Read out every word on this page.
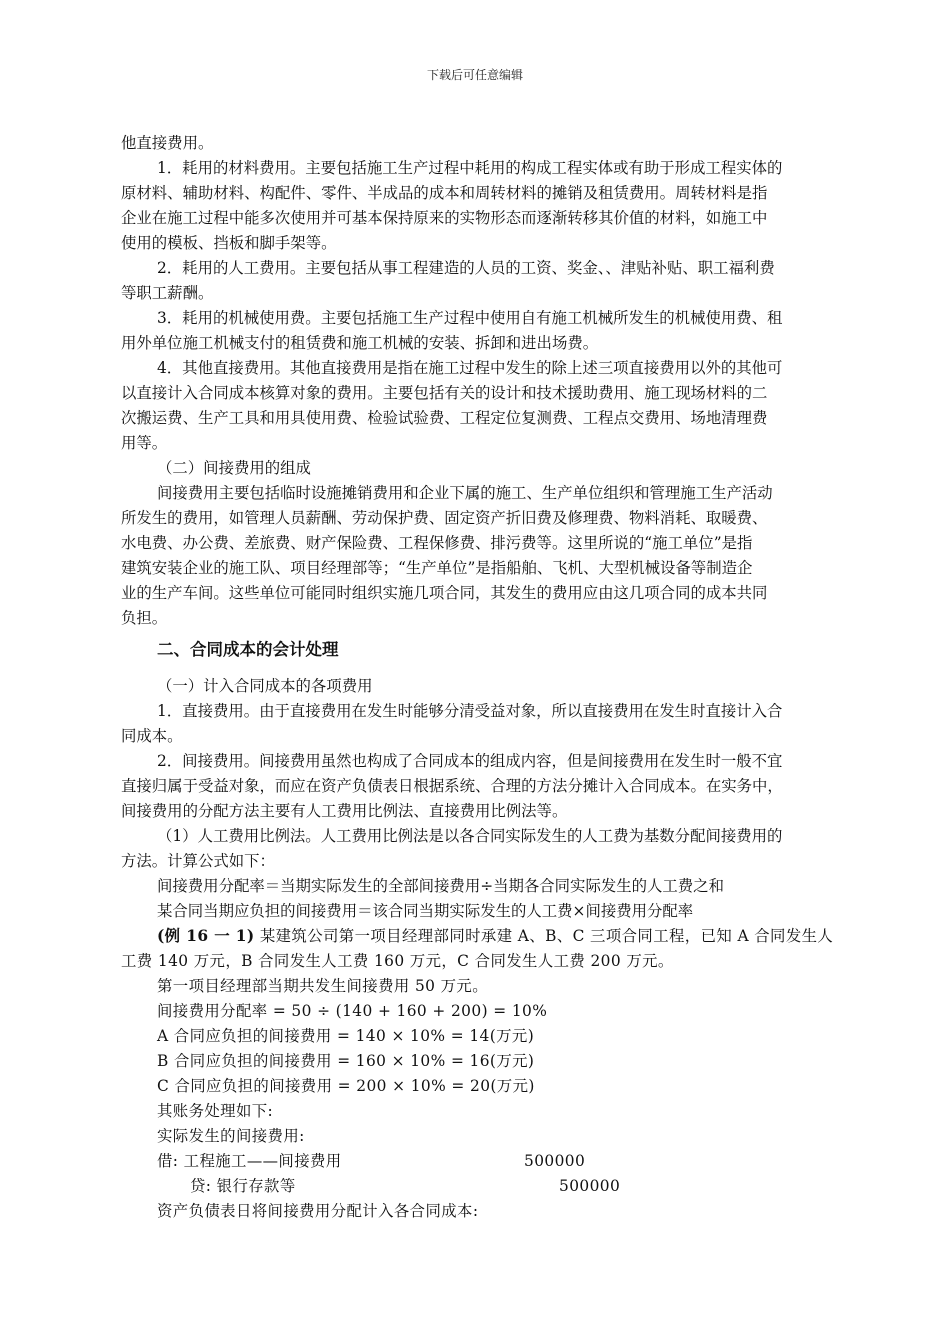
下载后可任意编辑
他直接费用。
1．耗用的材料费用。主要包括施工生产过程中耗用的构成工程实体或有助于形成工程实体的
原材料、辅助材料、构配件、零件、半成品的成本和周转材料的摊销及租赁费用。周转材料是指
企业在施工过程中能多次使用并可基本保持原来的实物形态而逐渐转移其价值的材料，如施工中
使用的模板、挡板和脚手架等。
2．耗用的人工费用。主要包括从事工程建造的人员的工资、奖金、、津贴补贴、职工福利费
等职工薪酬。
3．耗用的机械使用费。主要包括施工生产过程中使用自有施工机械所发生的机械使用费、租
用外单位施工机械支付的租赁费和施工机械的安装、拆卸和进出场费。
4．其他直接费用。其他直接费用是指在施工过程中发生的除上述三项直接费用以外的其他可
以直接计入合同成本核算对象的费用。主要包括有关的设计和技术援助费用、施工现场材料的二
次搬运费、生产工具和用具使用费、检验试验费、工程定位复测费、工程点交费用、场地清理费
用等。
（二）间接费用的组成
间接费用主要包括临时设施摊销费用和企业下属的施工、生产单位组织和管理施工生产活动
所发生的费用，如管理人员薪酬、劳动保护费、固定资产折旧费及修理费、物料消耗、取暖费、
水电费、办公费、差旅费、财产保险费、工程保修费、排污费等。这里所说的“施工单位”是指
建筑安装企业的施工队、项目经理部等；“生产单位”是指船舶、飞机、大型机械设备等制造企
业的生产车间。这些单位可能同时组织实施几项合同，其发生的费用应由这几项合同的成本共同
负担。
二、合同成本的会计处理
（一）计入合同成本的各项费用
1．直接费用。由于直接费用在发生时能够分清受益对象，所以直接费用在发生时直接计入合
同成本。
2．间接费用。间接费用虽然也构成了合同成本的组成内容，但是间接费用在发生时一般不宜
直接归属于受益对象，而应在资产负债表日根据系统、合理的方法分摊计入合同成本。在实务中，
间接费用的分配方法主要有人工费用比例法、直接费用比例法等。
（1）人工费用比例法。人工费用比例法是以各合同实际发生的人工费为基数分配间接费用的
方法。计算公式如下：
间接费用分配率＝当期实际发生的全部间接费用÷当期各合同实际发生的人工费之和
某合同当期应负担的间接费用＝该合同当期实际发生的人工费×间接费用分配率
(例 16 一 1) 某建筑公司第一项目经理部同时承建 A、B、C 三项合同工程，已知 A 合同发生人
工费 140 万元，B 合同发生人工费 160 万元，C 合同发生人工费 200 万元。
第一项目经理部当期共发生间接费用 50 万元。
间接费用分配率 = 50 ÷ (140 + 160 + 200) = 10%
A 合同应负担的间接费用 = 140 × 10% = 14(万元)
B 合同应负担的间接费用 = 160 × 10% = 16(万元)
C 合同应负担的间接费用 = 200 × 10% = 20(万元)
其账务处理如下:
实际发生的间接费用:
借: 工程施工——间接费用	500000
贷: 银行存款等	500000
资产负债表日将间接费用分配计入各合同成本:
